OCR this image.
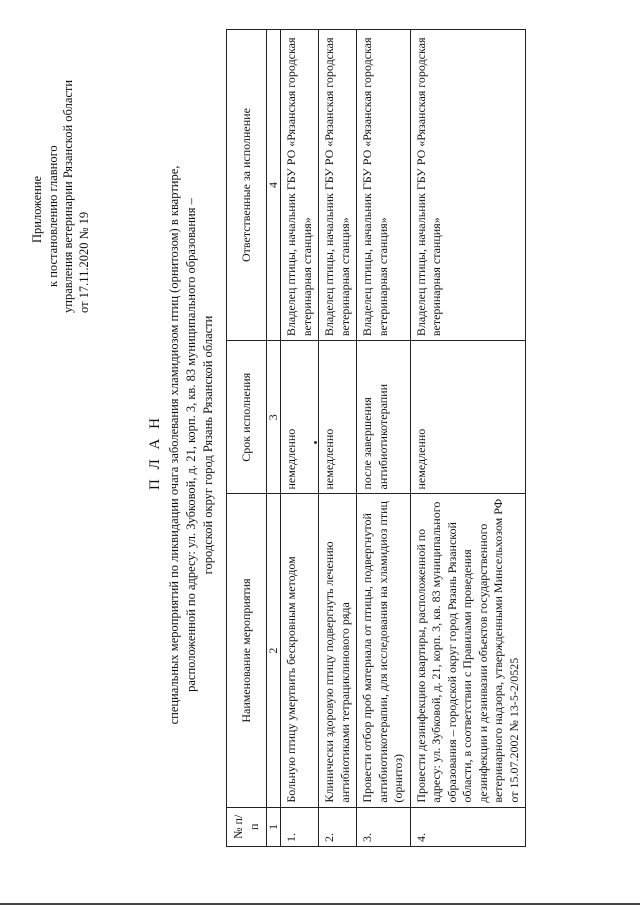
Приложение к постановлению главного управления ветеринарии Рязанской области от 17.11.2020 № 19
П Л А Н специальных мероприятий по ликвидации очага заболевания хламидиозом птиц (орнитозом) в квартире, расположенной по адресу: ул. Зубковой, д. 21, корп. 3, кв. 83 муниципального образования – городской округ город Рязань Рязанской области
№ п/п	Наименование мероприятия	Срок исполнения	Ответственные за исполнение
1	2	3	4
1.	Больную птицу умертвить бескровным методом	немедленно	Владелец птицы, начальник ГБУ РО «Рязанская городская ветеринарная станция»
2.	Клинически здоровую птицу подвергнуть лечению антибиотиками тетрациклинового ряда	немедленно	Владелец птицы, начальник ГБУ РО «Рязанская городская ветеринарная станция»
3.	Провести отбор проб материала от птицы, подвергнутой антибиотикотерапии, для исследования на хламидиоз птиц (орнитоз)	после завершения антибиотикотерапии	Владелец птицы, начальник ГБУ РО «Рязанская городская ветеринарная станция»
4.	Провести дезинфекцию квартиры, расположенной по адресу: ул. Зубковой, д. 21, корп. 3, кв. 83 муниципального образования – городской округ город Рязань Рязанской области, в соответствии с Правилами проведения дезинфекции и дезинвазии объектов государственного ветеринарного надзора, утвержденными Минсельхозом РФ от 15.07.2002 № 13-5-2/0525	немедленно	Владелец птицы, начальник ГБУ РО «Рязанская городская ветеринарная станция»
